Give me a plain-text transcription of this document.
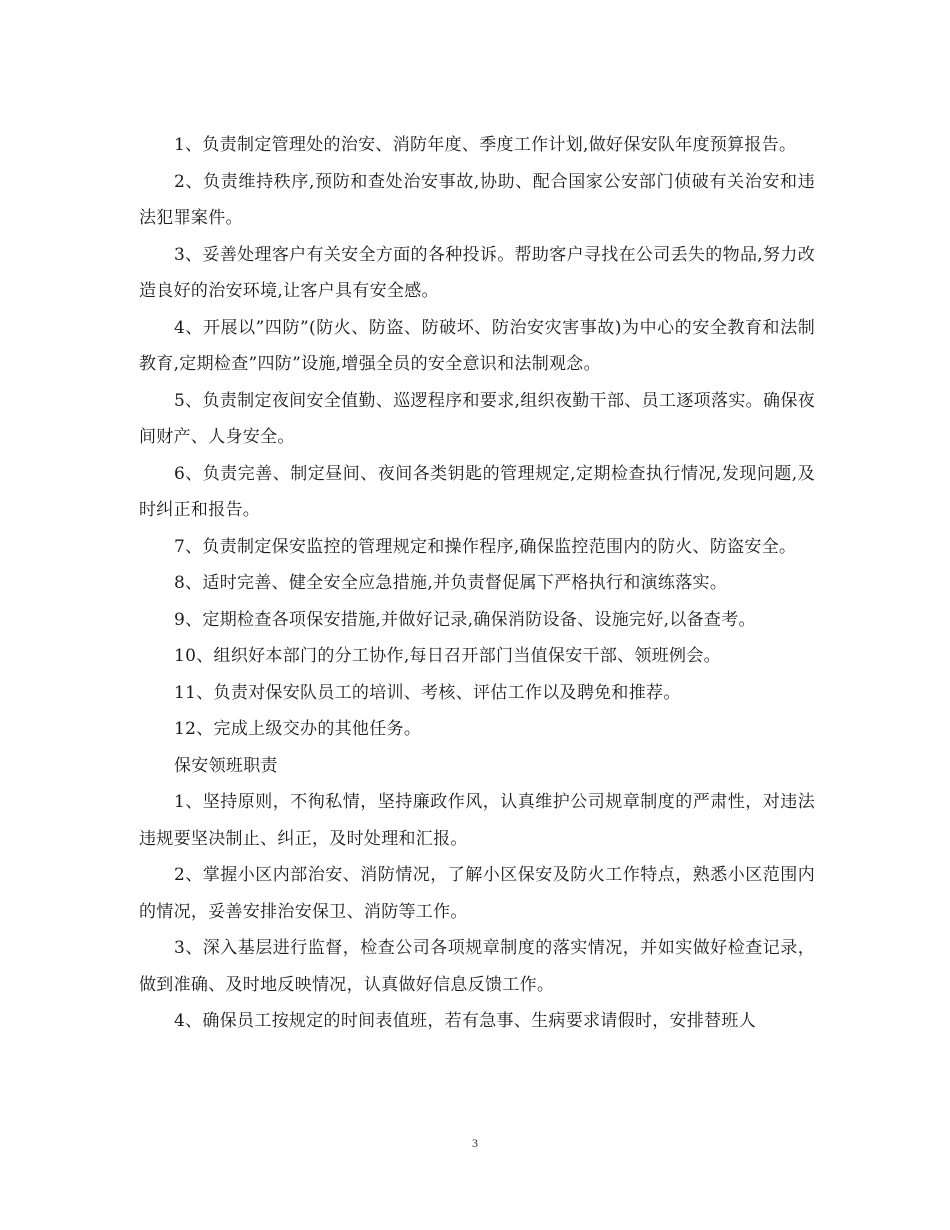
1、负责制定管理处的治安、消防年度、季度工作计划,做好保安队年度预算报告。

2、负责维持秩序,预防和查处治安事故,协助、配合国家公安部门侦破有关治安和违法犯罪案件。

3、妥善处理客户有关安全方面的各种投诉。帮助客户寻找在公司丢失的物品,努力改造良好的治安环境,让客户具有安全感。

4、开展以”四防”(防火、防盗、防破坏、防治安灾害事故)为中心的安全教育和法制教育,定期检查”四防”设施,增强全员的安全意识和法制观念。

5、负责制定夜间安全值勤、巡逻程序和要求,组织夜勤干部、员工逐项落实。确保夜间财产、人身安全。

6、负责完善、制定昼间、夜间各类钥匙的管理规定,定期检查执行情况,发现问题,及时纠正和报告。

7、负责制定保安监控的管理规定和操作程序,确保监控范围内的防火、防盗安全。

8、适时完善、健全安全应急措施,并负责督促属下严格执行和演练落实。

9、定期检查各项保安措施,并做好记录,确保消防设备、设施完好,以备查考。

10、组织好本部门的分工协作,每日召开部门当值保安干部、领班例会。

11、负责对保安队员工的培训、考核、评估工作以及聘免和推荐。

12、完成上级交办的其他任务。

保安领班职责

1、坚持原则，不徇私情，坚持廉政作风，认真维护公司规章制度的严肃性，对违法违规要坚决制止、纠正，及时处理和汇报。

2、掌握小区内部治安、消防情况，了解小区保安及防火工作特点，熟悉小区范围内的情况，妥善安排治安保卫、消防等工作。

3、深入基层进行监督，检查公司各项规章制度的落实情况，并如实做好检查记录，做到准确、及时地反映情况，认真做好信息反馈工作。

4、确保员工按规定的时间表值班，若有急事、生病要求请假时，安排替班人

3
